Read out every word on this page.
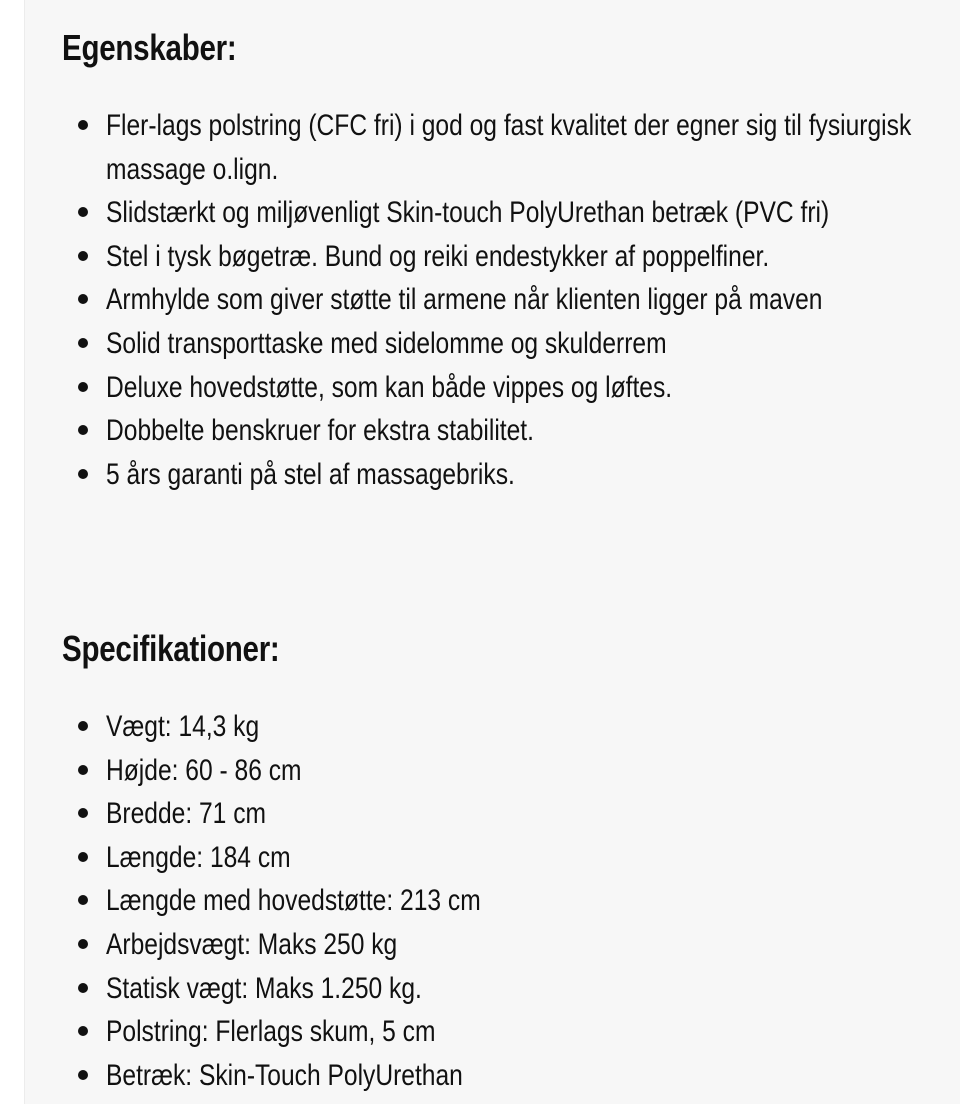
Egenskaber:
Fler-lags polstring (CFC fri) i god og fast kvalitet der egner sig til fysiurgisk massage o.lign.
Slidstærkt og miljøvenligt Skin-touch PolyUrethan betræk (PVC fri)
Stel i tysk bøgetræ. Bund og reiki endestykker af poppelfiner.
Armhylde som giver støtte til armene når klienten ligger på maven
Solid transporttaske med sidelomme og skulderrem
Deluxe hovedstøtte, som kan både vippes og løftes.
Dobbelte benskruer for ekstra stabilitet.
5 års garanti på stel af massagebriks.
Specifikationer:
Vægt: 14,3 kg
Højde: 60 - 86 cm
Bredde: 71 cm
Længde: 184 cm
Længde med hovedstøtte: 213 cm
Arbejdsvægt: Maks 250 kg
Statisk vægt: Maks 1.250 kg.
Polstring: Flerlags skum, 5 cm
Betræk: Skin-Touch PolyUrethan
